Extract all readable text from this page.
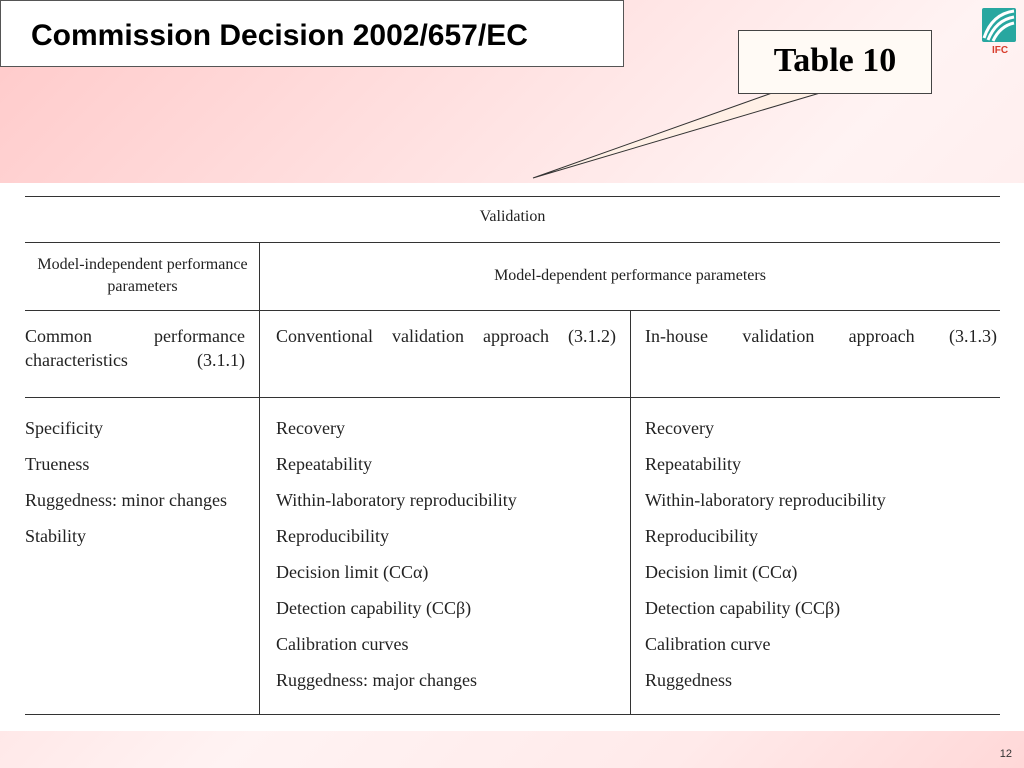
Commission Decision 2002/657/EC
Table 10	IFC
Validation
Model-independent performance parameters
Model-dependent performance parameters
Common performance characteristics (3.1.1)
Conventional validation approach (3.1.2) In-house validation approach (3.1.3)
Specificity
Trueness
Ruggedness: minor changes
Stability
Recovery
Repeatability
Within-laboratory reproducibility
Reproducibility
Decision limit (CCα)
Detection capability (CCβ)
Calibration curves
Ruggedness: major changes
Recovery
Repeatability
Within-laboratory reproducibility
Reproducibility
Decision limit (CCα)
Detection capability (CCβ)
Calibration curve
Ruggedness
12
